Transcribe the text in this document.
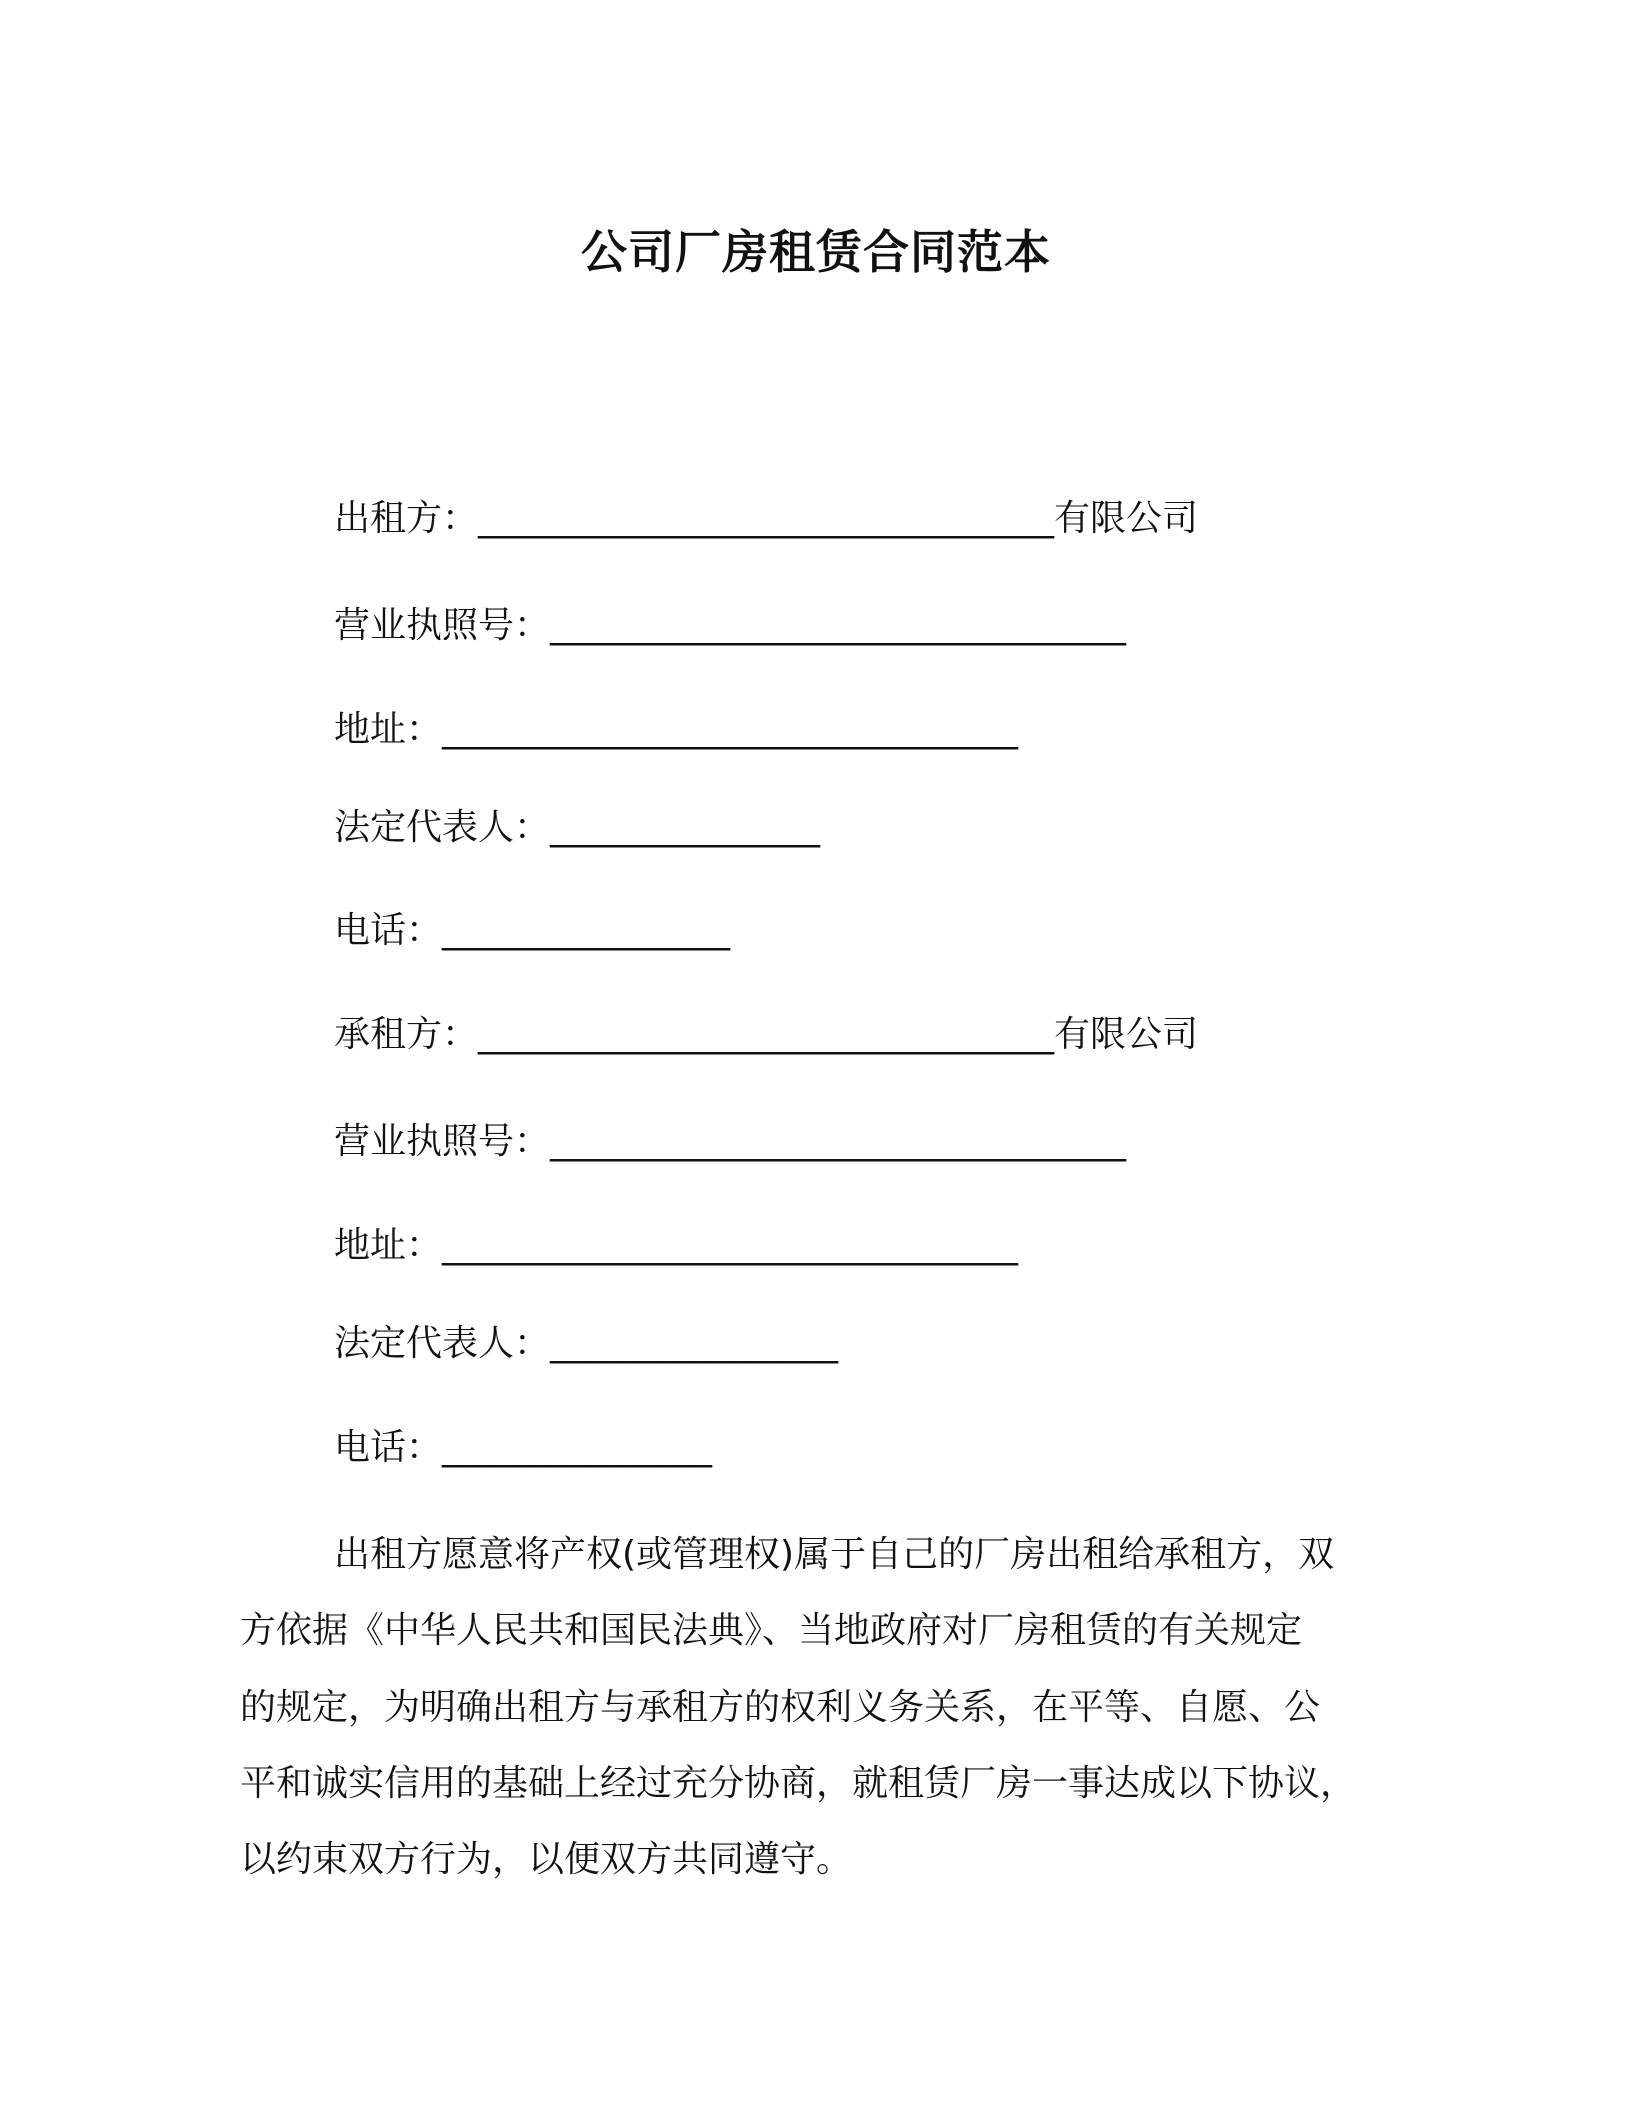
公司厂房租赁合同范本
出租方：________________________________有限公司
营业执照号：________________________________
地址：________________________________
法定代表人：_______________
电话：________________
承租方：________________________________有限公司
营业执照号：________________________________
地址：________________________________
法定代表人：________________
电话：_______________
出租方愿意将产权(或管理权)属于自己的厂房出租给承租方，双
方依据《中华人民共和国民法典》、当地政府对厂房租赁的有关规定
的规定，为明确出租方与承租方的权利义务关系，在平等、自愿、公
平和诚实信用的基础上经过充分协商，就租赁厂房一事达成以下协议，
以约束双方行为，以便双方共同遵守。
